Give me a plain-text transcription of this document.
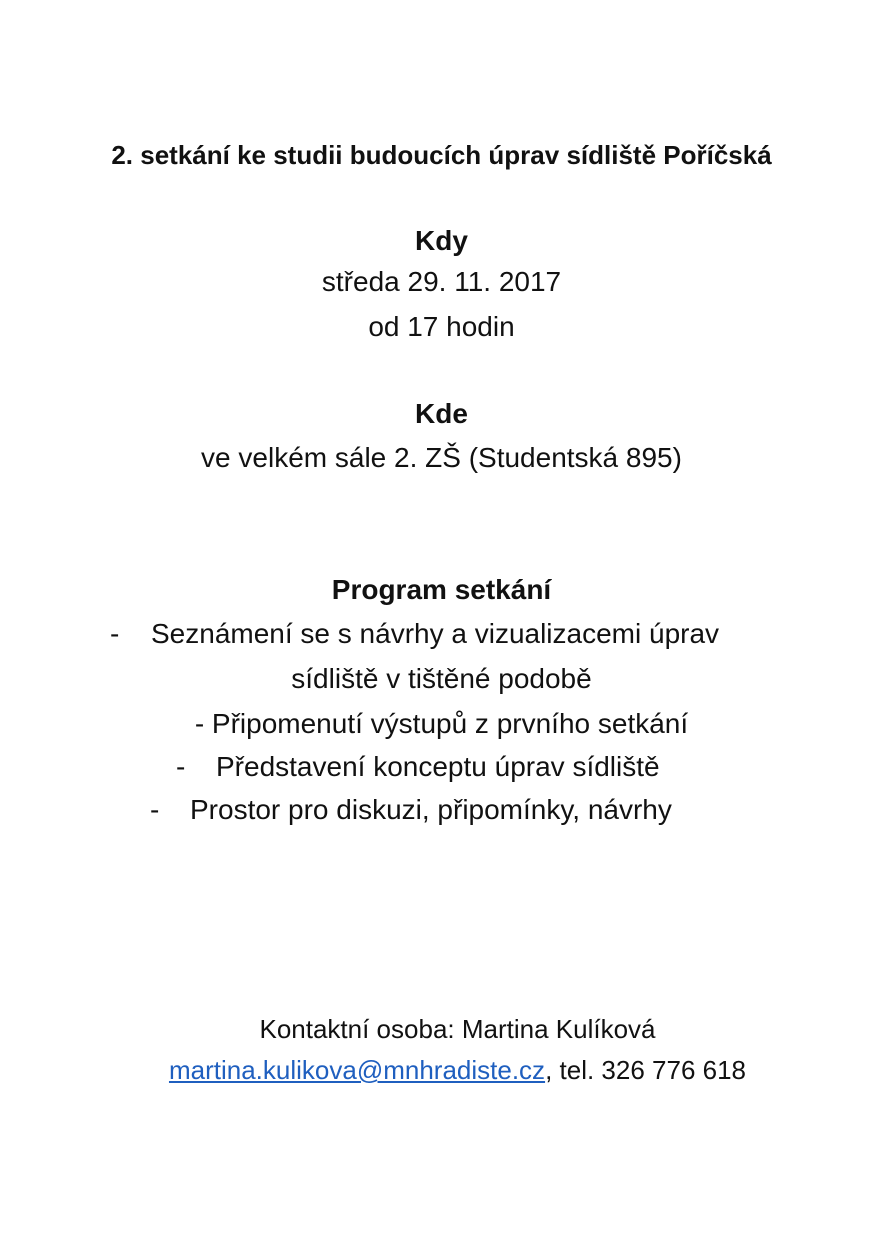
2. setkání ke studii budoucích úprav sídliště Poříčská
Kdy
středa 29. 11. 2017
od 17 hodin
Kde
ve velkém sále 2. ZŠ (Studentská 895)
Program setkání
- Seznámení se s návrhy a vizualizacemi úprav
sídliště v tištěné podobě
- Připomenutí výstupů z prvního setkání
- Představení konceptu úprav sídliště
- Prostor pro diskuzi, připomínky, návrhy
Kontaktní osoba: Martina Kulíková
martina.kulikova@mnhradiste.cz, tel. 326 776 618
